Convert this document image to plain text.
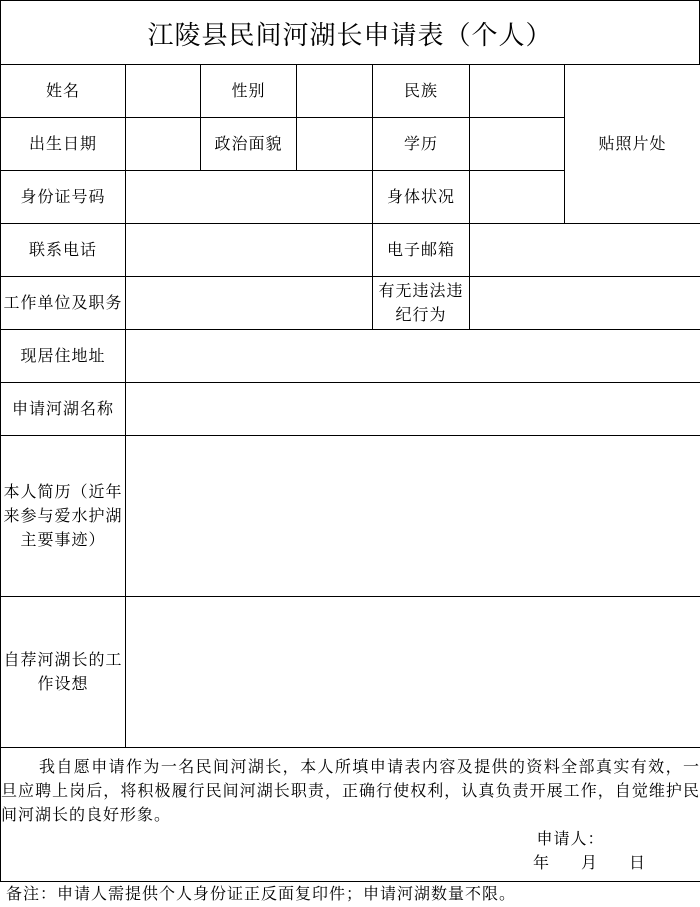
江陵县民间河湖长申请表（个人）
姓名		性别		民族		贴照片处
出生日期		政治面貌		学历		
身份证号码				身体状况		
联系电话				电子邮箱		
工作单位及职务				有无违法违纪行为		
现居住地址						
申请河湖名称						
本人简历（近年来参与爱水护湖主要事迹）						
自荐河湖长的工作设想						

我自愿申请作为一名民间河湖长，本人所填申请表内容及提供的资料全部真实有效，一旦应聘上岗后，将积极履行民间河湖长职责，正确行使权利，认真负责开展工作，自觉维护民间河湖长的良好形象。
申请人：
年 月 日						
备注：申请人需提供个人身份证正反面复印件；申请河湖数量不限。
